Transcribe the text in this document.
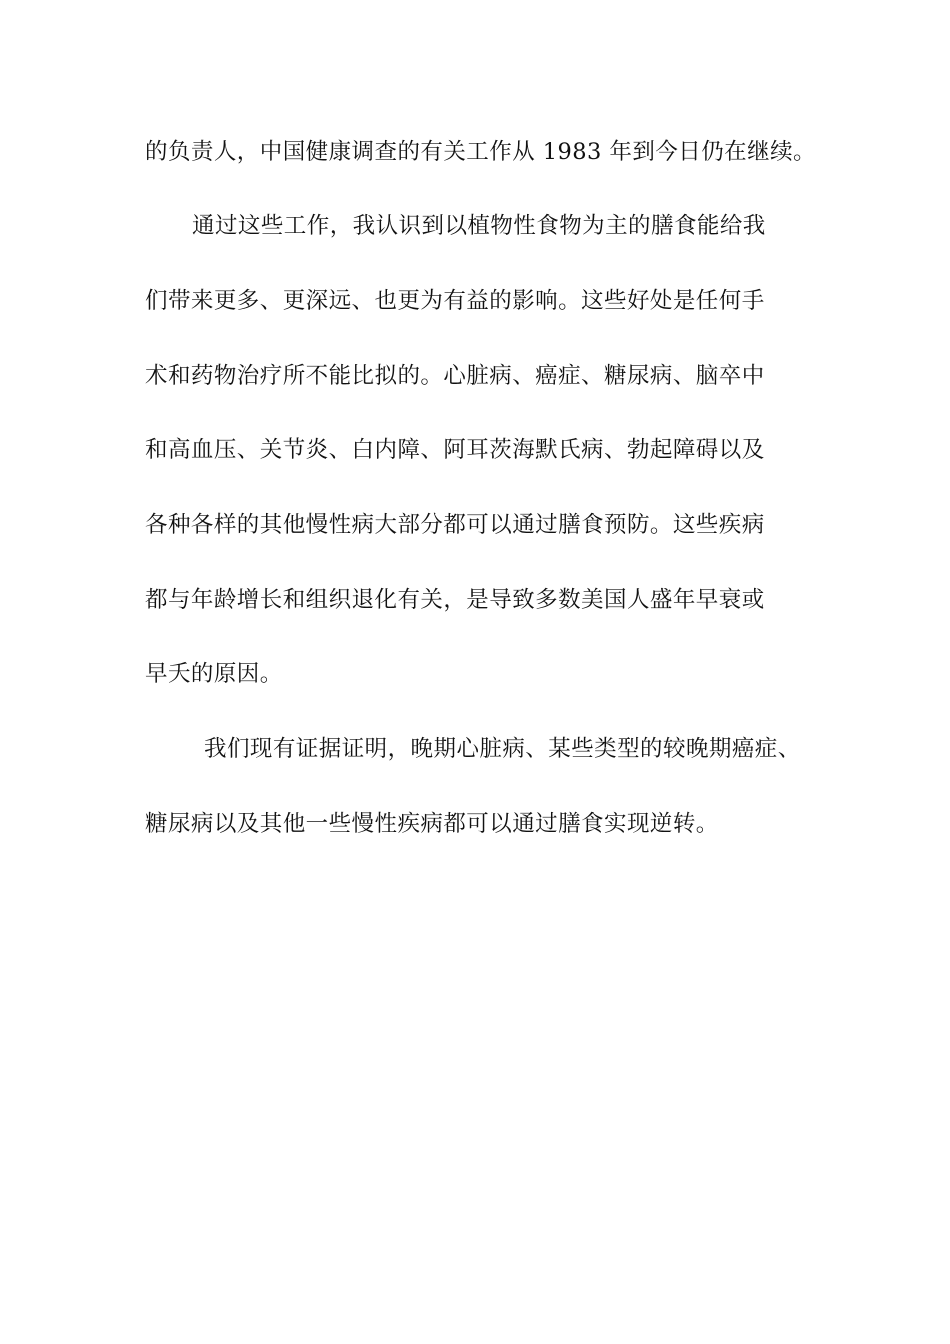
的负责人，中国健康调查的有关工作从 1983 年到今日仍在继续。
通过这些工作，我认识到以植物性食物为主的膳食能给我
们带来更多、更深远、也更为有益的影响。这些好处是任何手
术和药物治疗所不能比拟的。心脏病、癌症、糖尿病、脑卒中
和高血压、关节炎、白内障、阿耳茨海默氏病、勃起障碍以及
各种各样的其他慢性病大部分都可以通过膳食预防。这些疾病
都与年龄增长和组织退化有关，是导致多数美国人盛年早衰或
早夭的原因。
我们现有证据证明，晚期心脏病、某些类型的较晚期癌症、
糖尿病以及其他一些慢性疾病都可以通过膳食实现逆转。
